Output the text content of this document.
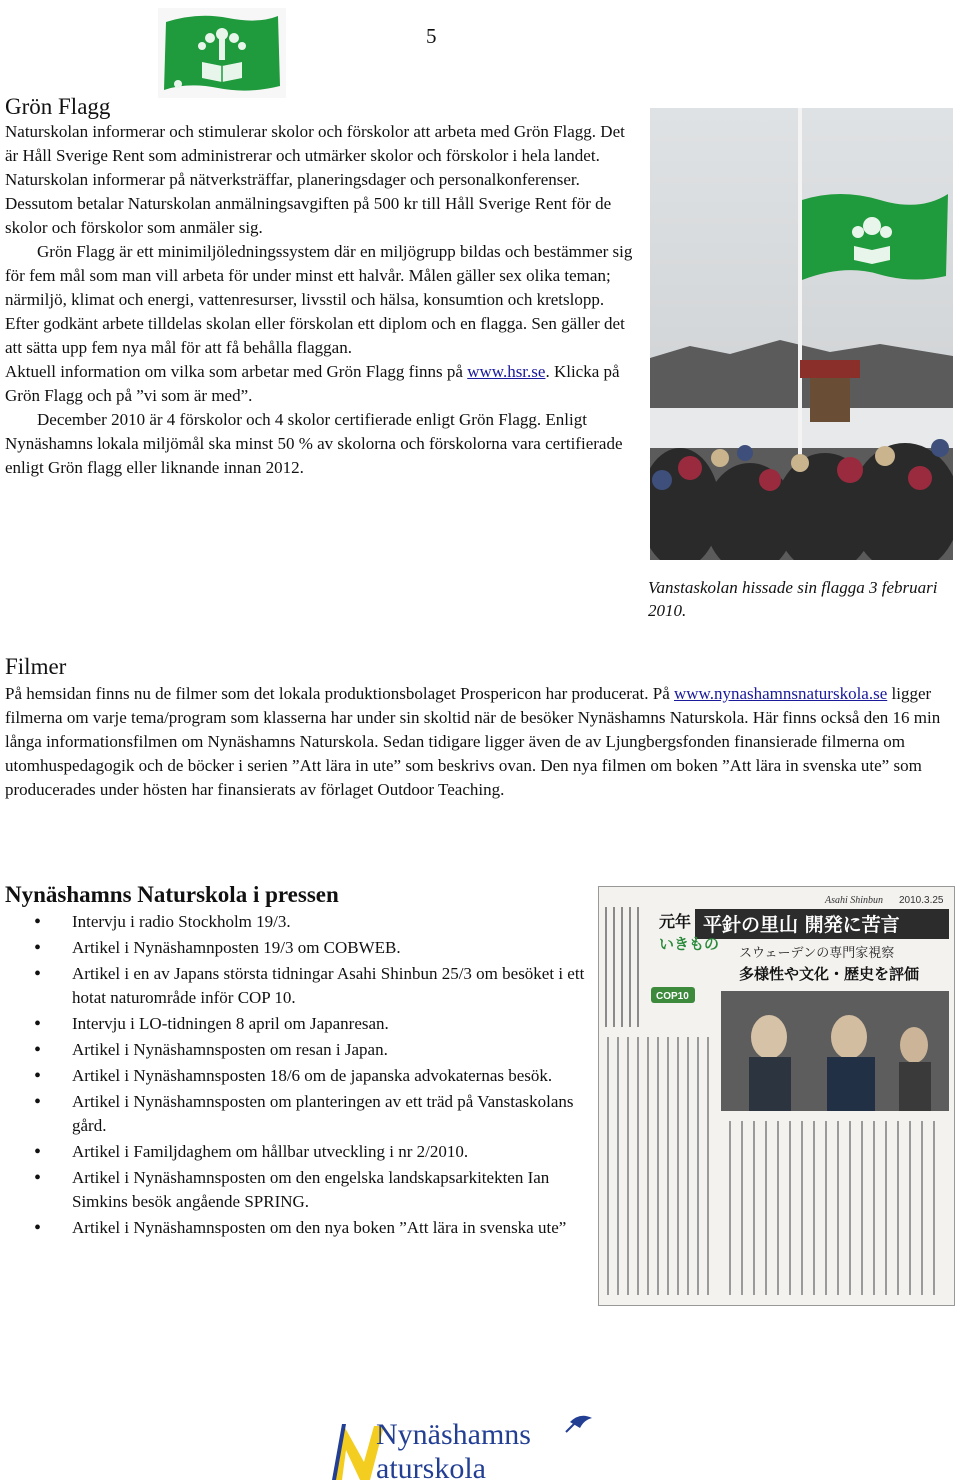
5
Grön Flagg

Naturskolan informerar och stimulerar skolor och förskolor att arbeta med Grön Flagg. Det är Håll Sverige Rent som administrerar och utmärker skolor och förskolor i hela landet. Naturskolan informerar på nätverksträffar, planeringsdager och personalkonferenser. Dessutom betalar Naturskolan anmälningsavgiften på 500 kr till Håll Sverige Rent för de skolor och förskolor som anmäler sig.

Grön Flagg är ett minimiljöledningssystem där en miljögrupp bildas och bestämmer sig för fem mål som man vill arbeta för under minst ett halvår. Målen gäller sex olika teman; närmiljö, klimat och energi, vattenresurser, livsstil och hälsa, konsumtion och kretslopp. Efter godkänt arbete tilldelas skolan eller förskolan ett diplom och en flagga. Sen gäller det att sätta upp fem nya mål för att få behålla flaggan.

Aktuell information om vilka som arbetar med Grön Flagg finns på www.hsr.se. Klicka på Grön Flagg och på ”vi som är med”.

December 2010 är 4 förskolor och 4 skolor certifierade enligt Grön Flagg. Enligt Nynäshamns lokala miljömål ska minst 50 % av skolorna och förskolorna vara certifierade enligt Grön flagg eller liknande innan 2012.

Vanstaskolan hissade sin flagga 3 februari 2010.
Filmer

På hemsidan finns nu de filmer som det lokala produktionsbolaget Prospericon har producerat. På www.nynashamnsnaturskola.se ligger filmerna om varje tema/program som klasserna har under sin skoltid när de besöker Nynäshamns Naturskola. Här finns också den 16 min långa informationsfilmen om Nynäshamns Naturskola. Sedan tidigare ligger även de av Ljungbergsfonden finansierade filmerna om utomhuspedagogik och de böcker i serien ”Att lära in ute” som beskrivs ovan. Den nya filmen om boken ”Att lära in svenska ute” som producerades under hösten har finansierats av förlaget Outdoor Teaching.

Nynäshamns Naturskola i pressen
• Intervju i radio Stockholm 19/3.
• Artikel i Nynäshamnposten 19/3 om COBWEB.
• Artikel i en av Japans största tidningar Asahi Shinbun 25/3 om besöket i ett hotat naturområde inför COP 10.
• Intervju i LO-tidningen 8 april om Japanresan.
• Artikel i Nynäshamnsposten om resan i Japan.
• Artikel i Nynäshamnsposten 18/6 om de japanska advokaternas besök.
• Artikel i Nynäshamnsposten om planteringen av ett träd på Vanstaskolans gård.
• Artikel i Familjdaghem om hållbar utveckling i nr 2/2010.
• Artikel i Nynäshamnsposten om den engelska landskapsarkitekten Ian Simkins besök angående SPRING.
• Artikel i Nynäshamnsposten om den nya boken ”Att lära in svenska ute”
Asahi Shinbun 2010.3.25
平針の里山 開発に苦言
スウェーデンの専門家視察
多様性や文化・歴史を評価
元年
いきもの
COP10
Nynäshamns
aturskola
